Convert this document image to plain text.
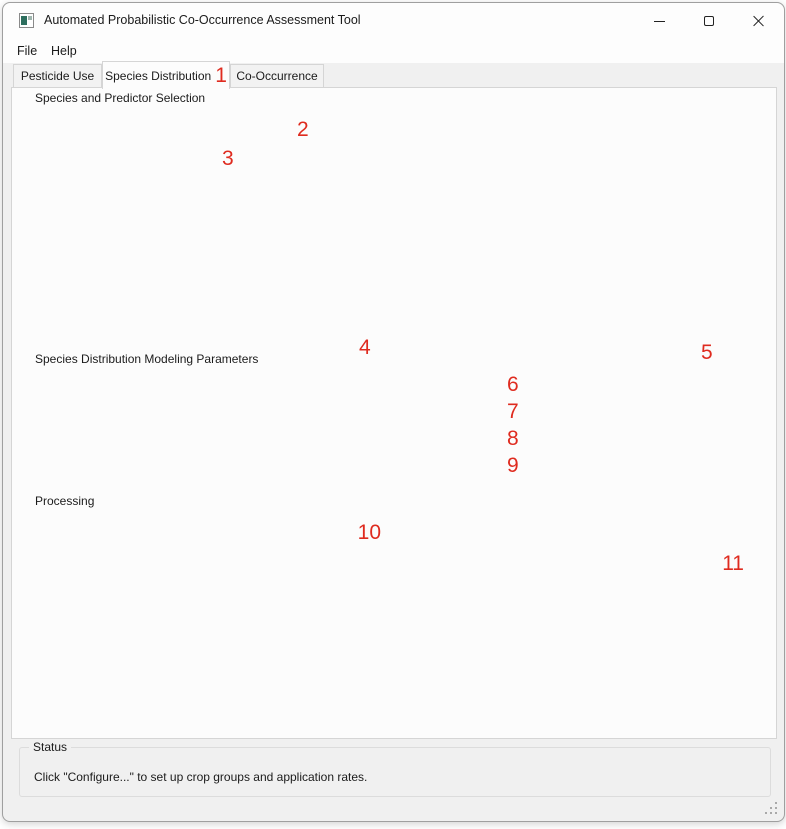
Automated Probabilistic Co-Occurrence Assessment Tool
File	Help
Pesticide Use Species Distribution 1 Co-Occurrence
Species and Predictor Selection
2
3
O:/PROJ-24/ESM/20241116_Syngenta_APCOAT_v4/Data/Intermediate/QCCs/Testing/SpeciesLoc
rmediate\SoftwareDevelopment\ProbabilisticCoOccurrenceToolDist\maxentPredictors\terrestrial\*.tif
4	5
Species Distribution Modeling Parameters
.67
6
1
7
.25
8
9
Processing
10
11
Status
Click "Configure..." to set up crop groups and application rates.
